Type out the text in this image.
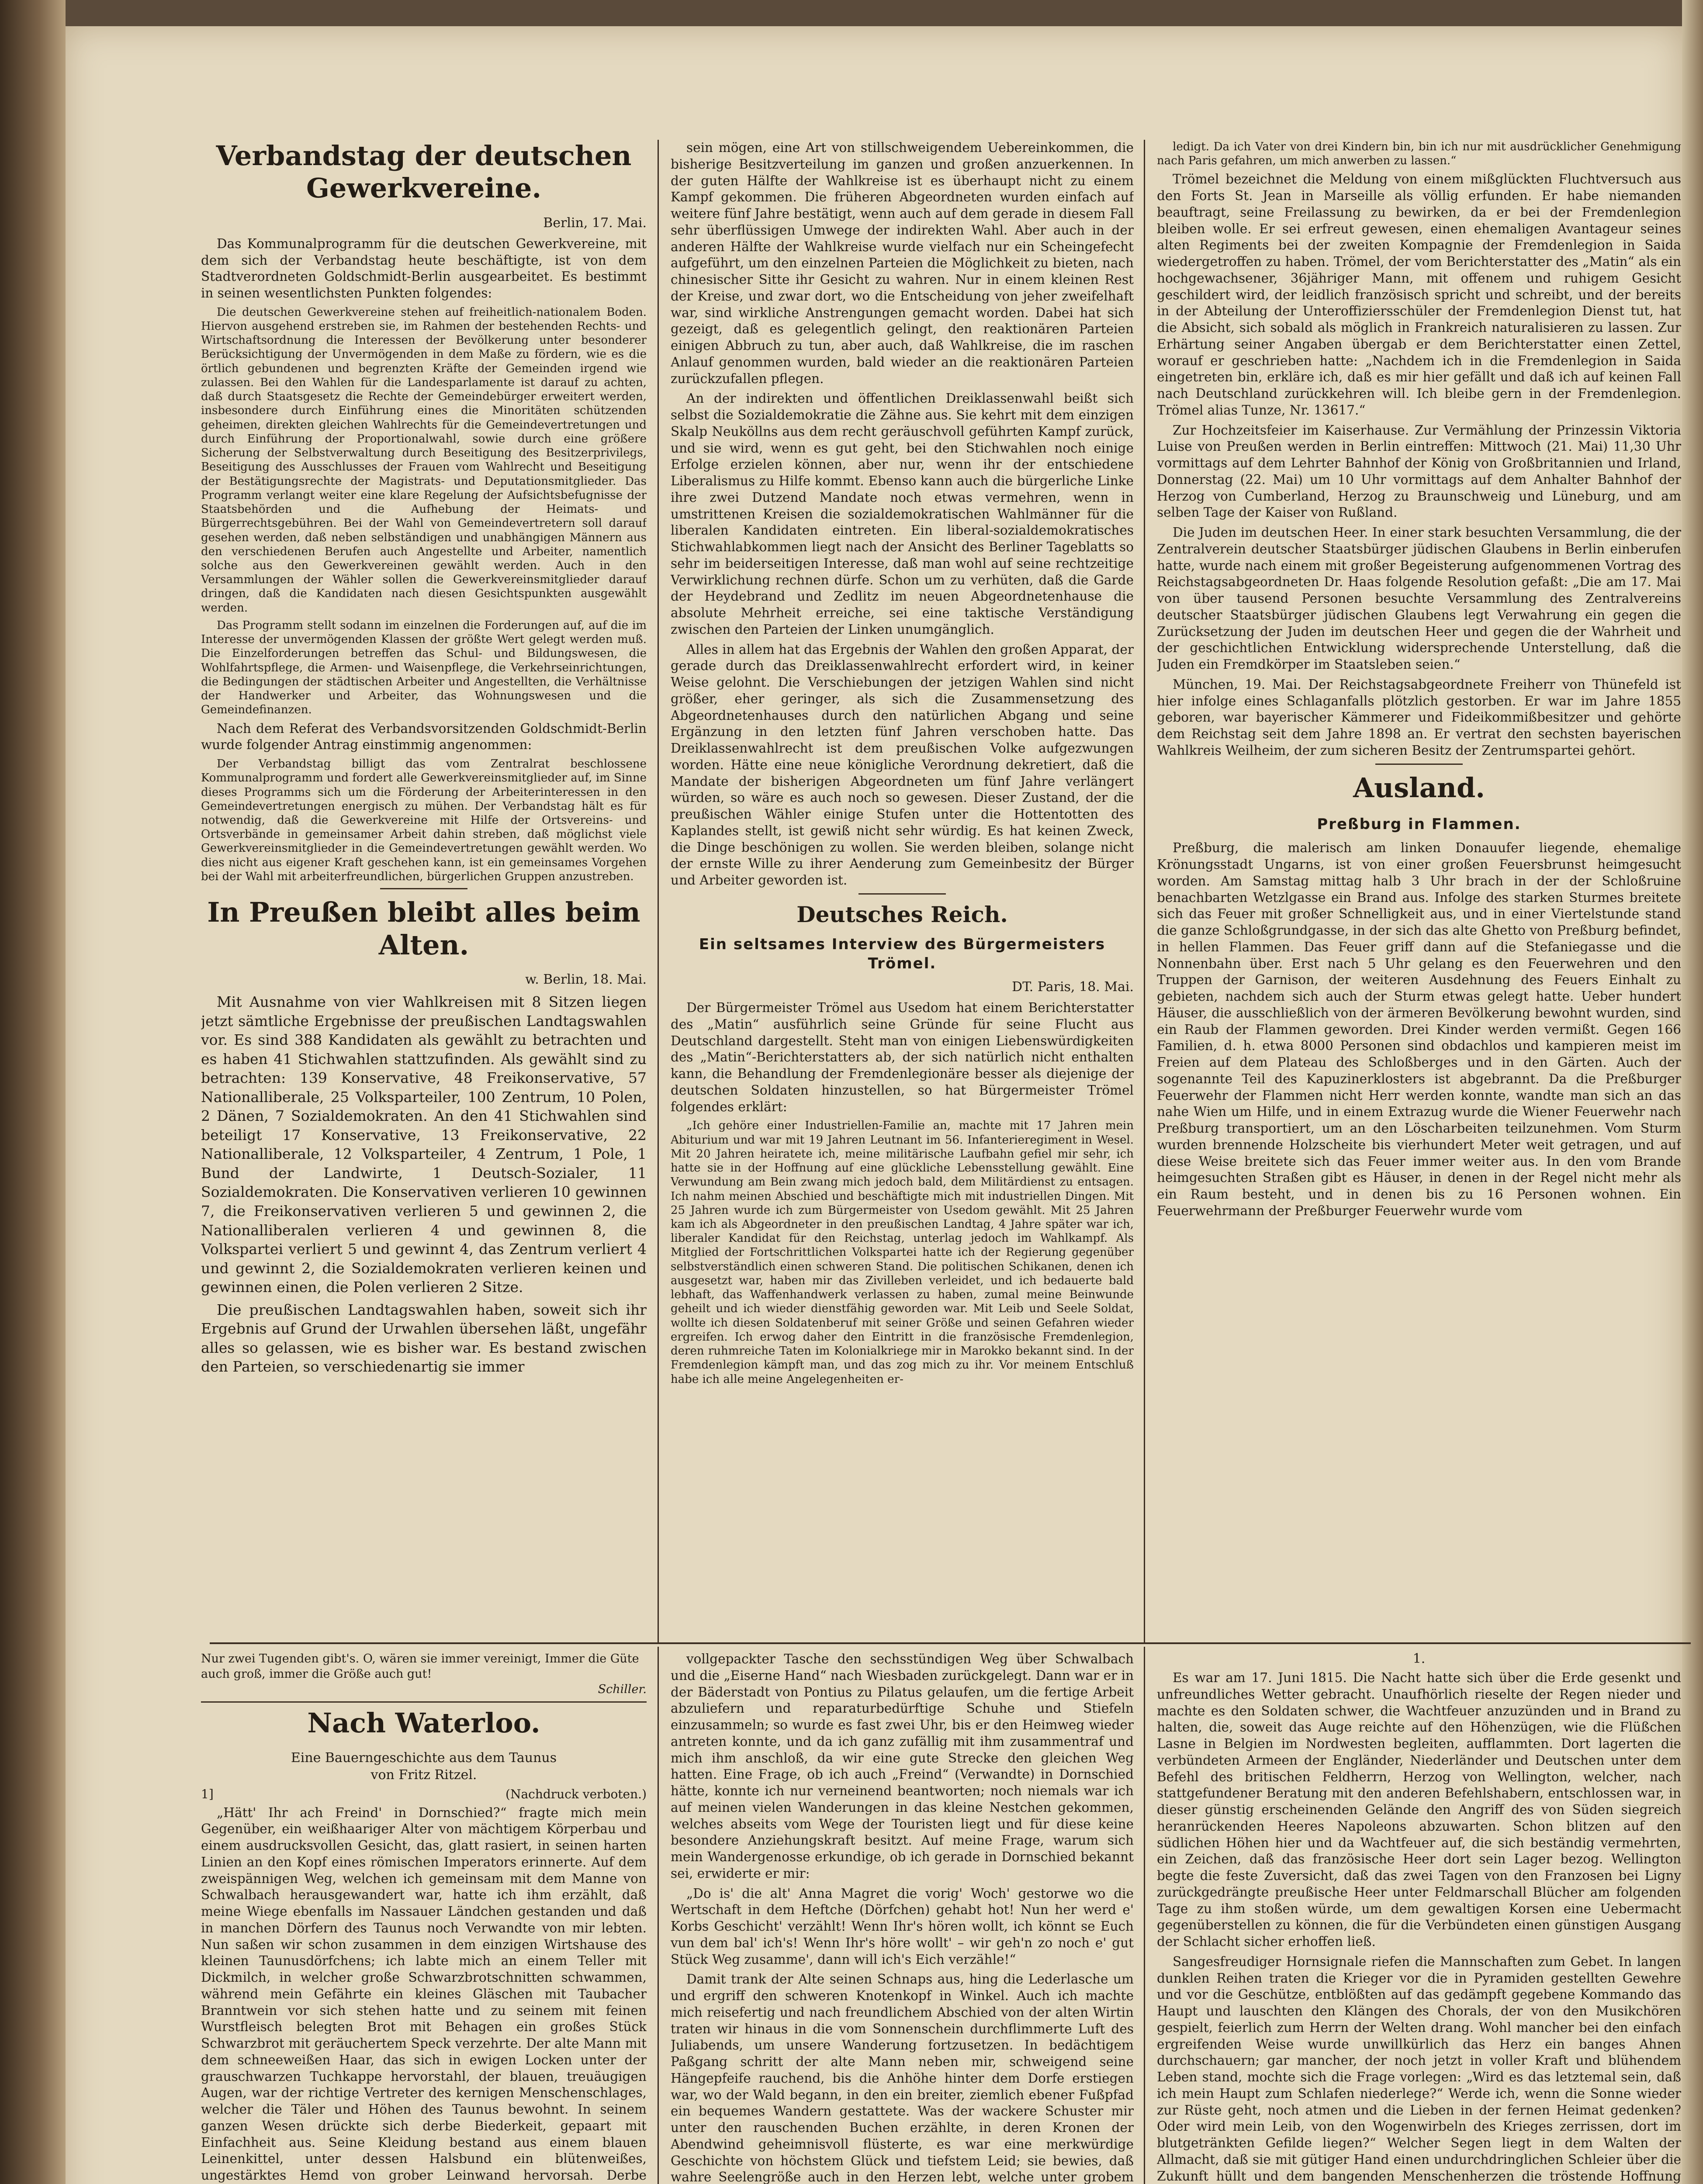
Verbandstag der deutschen Gewerkvereine.
Berlin, 17. Mai.

Das Kommunalprogramm für die deutschen Gewerkvereine, mit dem sich der Verbandstag heute beschäftigte, ist von dem Stadtverordneten Goldschmidt-Berlin ausgearbeitet. Es bestimmt in seinen wesentlichsten Punkten folgendes:

Die deutschen Gewerkvereine stehen auf freiheitlich-nationalem Boden. Hiervon ausgehend erstreben sie, im Rahmen der bestehenden Rechts- und Wirtschaftsordnung die Interessen der Bevölkerung unter besonderer Berücksichtigung der Unvermögenden in dem Maße zu fördern, wie es die örtlich gebundenen und begrenzten Kräfte der Gemeinden irgend wie zulassen. Bei den Wahlen für die Landesparlamente ist darauf zu achten, daß durch Staatsgesetz die Rechte der Gemeindebürger erweitert werden, insbesondere durch Einführung eines die Minoritäten schützenden geheimen, direkten gleichen Wahlrechts für die Gemeindevertretungen und durch Einführung der Proportionalwahl, sowie durch eine größere Sicherung der Selbstverwaltung durch Beseitigung des Besitzerprivilegs, Beseitigung des Ausschlusses der Frauen vom Wahlrecht und Beseitigung der Bestätigungsrechte der Magistrats- und Deputationsmitglieder. Das Programm verlangt weiter eine klare Regelung der Aufsichtsbefugnisse der Staatsbehörden und die Aufhebung der Heimats- und Bürgerrechtsgebühren. Bei der Wahl von Gemeindevertretern soll darauf gesehen werden, daß neben selbständigen und unabhängigen Männern aus den verschiedenen Berufen auch Angestellte und Arbeiter, namentlich solche aus den Gewerkvereinen gewählt werden. Auch in den Versammlungen der Wähler sollen die Gewerkvereinsmitglieder darauf dringen, daß die Kandidaten nach diesen Gesichtspunkten ausgewählt werden.

Das Programm stellt sodann im einzelnen die Forderungen auf, auf die im Interesse der unvermögenden Klassen der größte Wert gelegt werden muß. Die Einzelforderungen betreffen das Schul- und Bildungswesen, die Wohlfahrtspflege, die Armen- und Waisenpflege, die Verkehrseinrichtungen, die Bedingungen der städtischen Arbeiter und Angestellten, die Verhältnisse der Handwerker und Arbeiter, das Wohnungswesen und die Gemeindefinanzen.

Nach dem Referat des Verbandsvorsitzenden Goldschmidt-Berlin wurde folgender Antrag einstimmig angenommen:

Der Verbandstag billigt das vom Zentralrat beschlossene Kommunalprogramm und fordert alle Gewerkvereinsmitglieder auf, im Sinne dieses Programms sich um die Förderung der Arbeiterinteressen in den Gemeindevertretungen energisch zu mühen. Der Verbandstag hält es für notwendig, daß die Gewerkvereine mit Hilfe der Ortsvereins- und Ortsverbände in gemeinsamer Arbeit dahin streben, daß möglichst viele Gewerkvereinsmitglieder in die Gemeindevertretungen gewählt werden. Wo dies nicht aus eigener Kraft geschehen kann, ist ein gemeinsames Vorgehen bei der Wahl mit arbeiterfreundlichen, bürgerlichen Gruppen anzustreben.

In Preußen bleibt alles beim Alten.
w. Berlin, 18. Mai.

Mit Ausnahme von vier Wahlkreisen mit 8 Sitzen liegen jetzt sämtliche Ergebnisse der preußischen Landtagswahlen vor. Es sind 388 Kandidaten als gewählt zu betrachten und es haben 41 Stichwahlen stattzufinden. Als gewählt sind zu betrachten: 139 Konservative, 48 Freikonservative, 57 Nationalliberale, 25 Volksparteiler, 100 Zentrum, 10 Polen, 2 Dänen, 7 Sozialdemokraten. An den 41 Stichwahlen sind beteiligt 17 Konservative, 13 Freikonservative, 22 Nationalliberale, 12 Volksparteiler, 4 Zentrum, 1 Pole, 1 Bund der Landwirte, 1 Deutsch-Sozialer, 11 Sozialdemokraten. Die Konservativen verlieren 10 gewinnen 7, die Freikonservativen verlieren 5 und gewinnen 2, die Nationalliberalen verlieren 4 und gewinnen 8, die Volkspartei verliert 5 und gewinnt 4, das Zentrum verliert 4 und gewinnt 2, die Sozialdemokraten verlieren keinen und gewinnen einen, die Polen verlieren 2 Sitze.

Die preußischen Landtagswahlen haben, soweit sich ihr Ergebnis auf Grund der Urwahlen übersehen läßt, ungefähr alles so gelassen, wie es bisher war. Es bestand zwischen den Parteien, so verschiedenartig sie immer

sein mögen, eine Art von stillschweigendem Uebereinkommen, die bisherige Besitzverteilung im ganzen und großen anzuerkennen. In der guten Hälfte der Wahlkreise ist es überhaupt nicht zu einem Kampf gekommen. Die früheren Abgeordneten wurden einfach auf weitere fünf Jahre bestätigt, wenn auch auf dem gerade in diesem Fall sehr überflüssigen Umwege der indirekten Wahl. Aber auch in der anderen Hälfte der Wahlkreise wurde vielfach nur ein Scheingefecht aufgeführt, um den einzelnen Parteien die Möglichkeit zu bieten, nach chinesischer Sitte ihr Gesicht zu wahren. Nur in einem kleinen Rest der Kreise, und zwar dort, wo die Entscheidung von jeher zweifelhaft war, sind wirkliche Anstrengungen gemacht worden. Dabei hat sich gezeigt, daß es gelegentlich gelingt, den reaktionären Parteien einigen Abbruch zu tun, aber auch, daß Wahlkreise, die im raschen Anlauf genommen wurden, bald wieder an die reaktionären Parteien zurückzufallen pflegen.

An der indirekten und öffentlichen Dreiklassenwahl beißt sich selbst die Sozialdemokratie die Zähne aus. Sie kehrt mit dem einzigen Skalp Neuköllns aus dem recht geräuschvoll geführten Kampf zurück, und sie wird, wenn es gut geht, bei den Stichwahlen noch einige Erfolge erzielen können, aber nur, wenn ihr der entschiedene Liberalismus zu Hilfe kommt. Ebenso kann auch die bürgerliche Linke ihre zwei Dutzend Mandate noch etwas vermehren, wenn in umstrittenen Kreisen die sozialdemokratischen Wahlmänner für die liberalen Kandidaten eintreten. Ein liberal-sozialdemokratisches Stichwahlabkommen liegt nach der Ansicht des Berliner Tageblatts so sehr im beiderseitigen Interesse, daß man wohl auf seine rechtzeitige Verwirklichung rechnen dürfe. Schon um zu verhüten, daß die Garde der Heydebrand und Zedlitz im neuen Abgeordnetenhause die absolute Mehrheit erreiche, sei eine taktische Verständigung zwischen den Parteien der Linken unumgänglich.

Alles in allem hat das Ergebnis der Wahlen den großen Apparat, der gerade durch das Dreiklassenwahlrecht erfordert wird, in keiner Weise gelohnt. Die Verschiebungen der jetzigen Wahlen sind nicht größer, eher geringer, als sich die Zusammensetzung des Abgeordnetenhauses durch den natürlichen Abgang und seine Ergänzung in den letzten fünf Jahren verschoben hatte. Das Dreiklassenwahlrecht ist dem preußischen Volke aufgezwungen worden. Hätte eine neue königliche Verordnung dekretiert, daß die Mandate der bisherigen Abgeordneten um fünf Jahre verlängert würden, so wäre es auch noch so gewesen. Dieser Zustand, der die preußischen Wähler einige Stufen unter die Hottentotten des Kaplandes stellt, ist gewiß nicht sehr würdig. Es hat keinen Zweck, die Dinge beschönigen zu wollen. Sie werden bleiben, solange nicht der ernste Wille zu ihrer Aenderung zum Gemeinbesitz der Bürger und Arbeiter geworden ist.

Deutsches Reich.
Ein seltsames Interview des Bürgermeisters Trömel.
DT. Paris, 18. Mai.

Der Bürgermeister Trömel aus Usedom hat einem Berichterstatter des „Matin“ ausführlich seine Gründe für seine Flucht aus Deutschland dargestellt. Steht man von einigen Liebenswürdigkeiten des „Matin“-Berichterstatters ab, der sich natürlich nicht enthalten kann, die Behandlung der Fremdenlegionäre besser als diejenige der deutschen Soldaten hinzustellen, so hat Bürgermeister Trömel folgendes erklärt:

„Ich gehöre einer Industriellen-Familie an, machte mit 17 Jahren mein Abiturium und war mit 19 Jahren Leutnant im 56. Infanterieregiment in Wesel. Mit 20 Jahren heiratete ich, meine militärische Laufbahn gefiel mir sehr, ich hatte sie in der Hoffnung auf eine glückliche Lebensstellung gewählt. Eine Verwundung am Bein zwang mich jedoch bald, dem Militärdienst zu entsagen. Ich nahm meinen Abschied und beschäftigte mich mit industriellen Dingen. Mit 25 Jahren wurde ich zum Bürgermeister von Usedom gewählt. Mit 25 Jahren kam ich als Abgeordneter in den preußischen Landtag, 4 Jahre später war ich, liberaler Kandidat für den Reichstag, unterlag jedoch im Wahlkampf. Als Mitglied der Fortschrittlichen Volkspartei hatte ich der Regierung gegenüber selbstverständlich einen schweren Stand. Die politischen Schikanen, denen ich ausgesetzt war, haben mir das Zivilleben verleidet, und ich bedauerte bald lebhaft, das Waffenhandwerk verlassen zu haben, zumal meine Beinwunde geheilt und ich wieder dienstfähig geworden war. Mit Leib und Seele Soldat, wollte ich diesen Soldatenberuf mit seiner Größe und seinen Gefahren wieder ergreifen. Ich erwog daher den Eintritt in die französische Fremdenlegion, deren ruhmreiche Taten im Kolonialkriege mir in Marokko bekannt sind. In der Fremdenlegion kämpft man, und das zog mich zu ihr. Vor meinem Entschluß habe ich alle meine Angelegenheiten er-

ledigt. Da ich Vater von drei Kindern bin, bin ich nur mit ausdrücklicher Genehmigung nach Paris gefahren, um mich anwerben zu lassen.“

Trömel bezeichnet die Meldung von einem mißglückten Fluchtversuch aus den Forts St. Jean in Marseille als völlig erfunden. Er habe niemanden beauftragt, seine Freilassung zu bewirken, da er bei der Fremdenlegion bleiben wolle. Er sei erfreut gewesen, einen ehemaligen Avantageur seines alten Regiments bei der zweiten Kompagnie der Fremdenlegion in Saida wiedergetroffen zu haben. Trömel, der vom Berichterstatter des „Matin“ als ein hochgewachsener, 36jähriger Mann, mit offenem und ruhigem Gesicht geschildert wird, der leidlich französisch spricht und schreibt, und der bereits in der Abteilung der Unteroffiziersschüler der Fremdenlegion Dienst tut, hat die Absicht, sich sobald als möglich in Frankreich naturalisieren zu lassen. Zur Erhärtung seiner Angaben übergab er dem Berichterstatter einen Zettel, worauf er geschrieben hatte: „Nachdem ich in die Fremdenlegion in Saida eingetreten bin, erkläre ich, daß es mir hier gefällt und daß ich auf keinen Fall nach Deutschland zurückkehren will. Ich bleibe gern in der Fremdenlegion. Trömel alias Tunze, Nr. 13617.“

Zur Hochzeitsfeier im Kaiserhause. Zur Vermählung der Prinzessin Viktoria Luise von Preußen werden in Berlin eintreffen: Mittwoch (21. Mai) 11,30 Uhr vormittags auf dem Lehrter Bahnhof der König von Großbritannien und Irland, Donnerstag (22. Mai) um 10 Uhr vormittags auf dem Anhalter Bahnhof der Herzog von Cumberland, Herzog zu Braunschweig und Lüneburg, und am selben Tage der Kaiser von Rußland.

Die Juden im deutschen Heer. In einer stark besuchten Versammlung, die der Zentralverein deutscher Staatsbürger jüdischen Glaubens in Berlin einberufen hatte, wurde nach einem mit großer Begeisterung aufgenommenen Vortrag des Reichstagsabgeordneten Dr. Haas folgende Resolution gefaßt: „Die am 17. Mai von über tausend Personen besuchte Versammlung des Zentralvereins deutscher Staatsbürger jüdischen Glaubens legt Verwahrung ein gegen die Zurücksetzung der Juden im deutschen Heer und gegen die der Wahrheit und der geschichtlichen Entwicklung widersprechende Unterstellung, daß die Juden ein Fremdkörper im Staatsleben seien.“

München, 19. Mai. Der Reichstagsabgeordnete Freiherr von Thünefeld ist hier infolge eines Schlaganfalls plötzlich gestorben. Er war im Jahre 1855 geboren, war bayerischer Kämmerer und Fideikommißbesitzer und gehörte dem Reichstag seit dem Jahre 1898 an. Er vertrat den sechsten bayerischen Wahlkreis Weilheim, der zum sicheren Besitz der Zentrumspartei gehört.

Ausland.
Preßburg in Flammen.

Preßburg, die malerisch am linken Donauufer liegende, ehemalige Krönungsstadt Ungarns, ist von einer großen Feuersbrunst heimgesucht worden. Am Samstag mittag halb 3 Uhr brach in der der Schloßruine benachbarten Wetzlgasse ein Brand aus. Infolge des starken Sturmes breitete sich das Feuer mit großer Schnelligkeit aus, und in einer Viertelstunde stand die ganze Schloßgrundgasse, in der sich das alte Ghetto von Preßburg befindet, in hellen Flammen. Das Feuer griff dann auf die Stefaniegasse und die Nonnenbahn über. Erst nach 5 Uhr gelang es den Feuerwehren und den Truppen der Garnison, der weiteren Ausdehnung des Feuers Einhalt zu gebieten, nachdem sich auch der Sturm etwas gelegt hatte. Ueber hundert Häuser, die ausschließlich von der ärmeren Bevölkerung bewohnt wurden, sind ein Raub der Flammen geworden. Drei Kinder werden vermißt. Gegen 166 Familien, d. h. etwa 8000 Personen sind obdachlos und kampieren meist im Freien auf dem Plateau des Schloßberges und in den Gärten. Auch der sogenannte Teil des Kapuzinerklosters ist abgebrannt. Da die Preßburger Feuerwehr der Flammen nicht Herr werden konnte, wandte man sich an das nahe Wien um Hilfe, und in einem Extrazug wurde die Wiener Feuerwehr nach Preßburg transportiert, um an den Löscharbeiten teilzunehmen. Vom Sturm wurden brennende Holzscheite bis vierhundert Meter weit getragen, und auf diese Weise breitete sich das Feuer immer weiter aus. In den vom Brande heimgesuchten Straßen gibt es Häuser, in denen in der Regel nicht mehr als ein Raum besteht, und in denen bis zu 16 Personen wohnen. Ein Feuerwehrmann der Preßburger Feuerwehr wurde vom

Nur zwei Tugenden gibt's. O, wären sie immer vereinigt, Immer die Güte auch groß, immer die Größe auch gut!
Schiller.
Nach Waterloo.
Eine Bauerngeschichte aus dem Taunus
von Fritz Ritzel.
1]	(Nachdruck verboten.)

„Hätt' Ihr ach Freind' in Dornschied?“ fragte mich mein Gegenüber, ein weißhaariger Alter von mächtigem Körperbau und einem ausdrucksvollen Gesicht, das, glatt rasiert, in seinen harten Linien an den Kopf eines römischen Imperators erinnerte. Auf dem zweispännigen Weg, welchen ich gemeinsam mit dem Manne von Schwalbach herausgewandert war, hatte ich ihm erzählt, daß meine Wiege ebenfalls im Nassauer Ländchen gestanden und daß in manchen Dörfern des Taunus noch Verwandte von mir lebten. Nun saßen wir schon zusammen in dem einzigen Wirtshause des kleinen Taunusdörfchens; ich labte mich an einem Teller mit Dickmilch, in welcher große Schwarzbrotschnitten schwammen, während mein Gefährte ein kleines Gläschen mit Taubacher Branntwein vor sich stehen hatte und zu seinem mit feinen Wurstfleisch belegten Brot mit Behagen ein großes Stück Schwarzbrot mit geräuchertem Speck verzehrte. Der alte Mann mit dem schneeweißen Haar, das sich in ewigen Locken unter der grauschwarzen Tuchkappe hervorstahl, der blauen, treuäugigen Augen, war der richtige Vertreter des kernigen Menschenschlages, welcher die Täler und Höhen des Taunus bewohnt. In seinem ganzen Wesen drückte sich derbe Biederkeit, gepaart mit Einfachheit aus. Seine Kleidung bestand aus einem blauen Leinenkittel, unter dessen Halsbund ein blütenweißes, ungestärktes Hemd von grober Leinwand hervorsah. Derbe

vollgepackter Tasche den sechsstündigen Weg über Schwalbach und die „Eiserne Hand“ nach Wiesbaden zurückgelegt. Dann war er in der Bäderstadt von Pontius zu Pilatus gelaufen, um die fertige Arbeit abzuliefern und reparaturbedürftige Schuhe und Stiefeln einzusammeln; so wurde es fast zwei Uhr, bis er den Heimweg wieder antreten konnte, und da ich ganz zufällig mit ihm zusammentraf und mich ihm anschloß, da wir eine gute Strecke den gleichen Weg hatten. Eine Frage, ob ich auch „Freind“ (Verwandte) in Dornschied hätte, konnte ich nur verneinend beantworten; noch niemals war ich auf meinen vielen Wanderungen in das kleine Nestchen gekommen, welches abseits vom Wege der Touristen liegt und für diese keine besondere Anziehungskraft besitzt. Auf meine Frage, warum sich mein Wandergenosse erkundige, ob ich gerade in Dornschied bekannt sei, erwiderte er mir:

„Do is' die alt' Anna Magret die vorig' Woch' gestorwe wo die Wertschaft in dem Heftche (Dörfchen) gehabt hot! Nun her werd e' Korbs Geschicht' verzählt! Wenn Ihr's hören wollt, ich könnt se Euch vun dem bal' ich's! Wenn Ihr's höre wollt' – wir geh'n zo noch e' gut Stück Weg zusamme', dann will ich's Eich verzähle!“

Damit trank der Alte seinen Schnaps aus, hing die Lederlasche um und ergriff den schweren Knotenkopf in Winkel. Auch ich machte mich reisefertig und nach freundlichem Abschied von der alten Wirtin traten wir hinaus in die vom Sonnenschein durchflimmerte Luft des Juliabends, um unsere Wanderung fortzusetzen. In bedächtigem Paßgang schritt der alte Mann neben mir, schweigend seine Hängepfeife rauchend, bis die Anhöhe hinter dem Dorfe erstiegen war, wo der Wald begann, in den ein breiter, ziemlich ebener Fußpfad ein bequemes Wandern gestattete. Was der wackere Schuster mir unter den rauschenden Buchen erzählte, in deren Kronen der Abendwind geheimnisvoll flüsterte, es war eine merkwürdige Geschichte von höchstem Glück und tiefstem Leid; sie bewies, daß wahre Seelengröße auch in den Herzen lebt, welche unter grobem

1.

Es war am 17. Juni 1815. Die Nacht hatte sich über die Erde gesenkt und unfreundliches Wetter gebracht. Unaufhörlich rieselte der Regen nieder und machte es den Soldaten schwer, die Wachtfeuer anzuzünden und in Brand zu halten, die, soweit das Auge reichte auf den Höhenzügen, wie die Flüßchen Lasne in Belgien im Nordwesten begleiten, aufflammten. Dort lagerten die verbündeten Armeen der Engländer, Niederländer und Deutschen unter dem Befehl des britischen Feldherrn, Herzog von Wellington, welcher, nach stattgefundener Beratung mit den anderen Befehlshabern, entschlossen war, in dieser günstig erscheinenden Gelände den Angriff des von Süden siegreich heranrückenden Heeres Napoleons abzuwarten. Schon blitzen auf den südlichen Höhen hier und da Wachtfeuer auf, die sich beständig vermehrten, ein Zeichen, daß das französische Heer dort sein Lager bezog. Wellington begte die feste Zuversicht, daß das zwei Tagen von den Franzosen bei Ligny zurückgedrängte preußische Heer unter Feldmarschall Blücher am folgenden Tage zu ihm stoßen würde, um dem gewaltigen Korsen eine Uebermacht gegenüberstellen zu können, die für die Verbündeten einen günstigen Ausgang der Schlacht sicher erhoffen ließ.

Sangesfreudiger Hornsignale riefen die Mannschaften zum Gebet. In langen dunklen Reihen traten die Krieger vor die in Pyramiden gestellten Gewehre und vor die Geschütze, entblößten auf das gedämpft gegebene Kommando das Haupt und lauschten den Klängen des Chorals, der von den Musikchören gespielt, feierlich zum Herrn der Welten drang. Wohl mancher bei den einfach ergreifenden Weise wurde unwillkürlich das Herz ein banges Ahnen durchschauern; gar mancher, der noch jetzt in voller Kraft und blühendem Leben stand, mochte sich die Frage vorlegen: „Wird es das letztemal sein, daß ich mein Haupt zum Schlafen niederlege?“ Werde ich, wenn die Sonne wieder zur Rüste geht, noch atmen und die Lieben in der fernen Heimat gedenken? Oder wird mein Leib, von den Wogenwirbeln des Krieges zerrissen, dort im blutgetränkten Gefilde liegen?“ Welcher Segen liegt in dem Walten der Allmacht, daß sie mit gütiger Hand einen undurchdringlichen Schleier über die Zukunft hüllt und dem bangenden Menschenherzen die tröstende Hoffnung
